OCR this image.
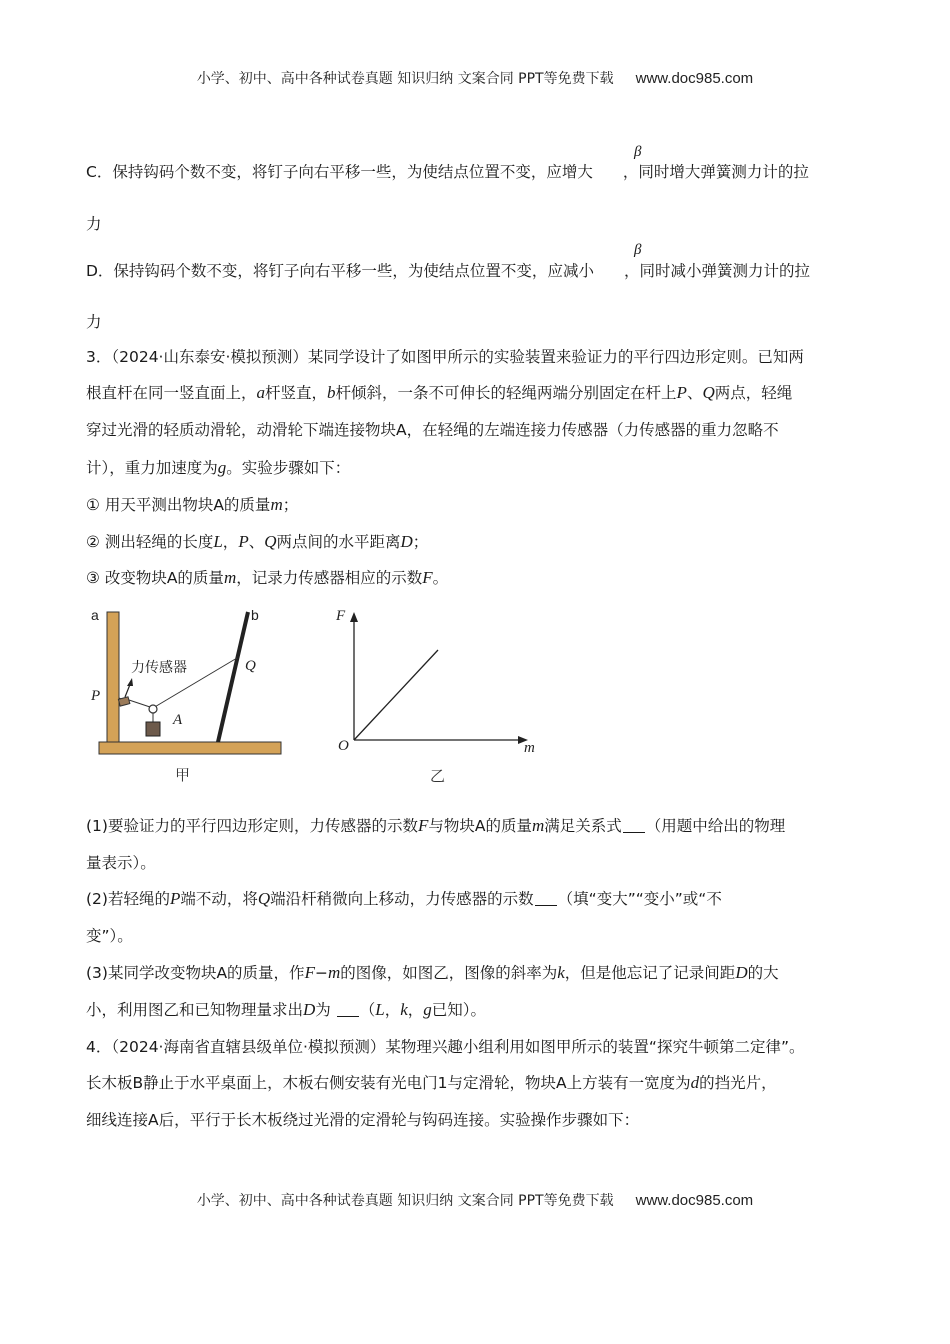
小学、初中、高中各种试卷真题 知识归纳 文案合同 PPT等免费下载 www.doc985.com
C．保持钩码个数不变，将钉子向右平移一些，为使结点位置不变，应增大 ，同时增大弹簧测力计的拉
β
力
D．保持钩码个数不变，将钉子向右平移一些，为使结点位置不变，应减小 ，同时减小弹簧测力计的拉
β
力
3．（2024·山东泰安·模拟预测）某同学设计了如图甲所示的实验装置来验证力的平行四边形定则。已知两
根直杆在同一竖直面上，a杆竖直，b杆倾斜，一条不可伸长的轻绳两端分别固定在杆上P、Q两点，轻绳
穿过光滑的轻质动滑轮，动滑轮下端连接物块A，在轻绳的左端连接力传感器（力传感器的重力忽略不
计），重力加速度为g。实验步骤如下：
① 用天平测出物块A的质量m；
② 测出轻绳的长度L，P、Q两点间的水平距离D；
③ 改变物块A的质量m，记录力传感器相应的示数F。
a	b
P
Q
A
力传感器
甲
F
O	m
乙
(1)要验证力的平行四边形定则，力传感器的示数F与物块A的质量m满足关系式 （用题中给出的物理
量表示）。
(2)若轻绳的P端不动，将Q端沿杆稍微向上移动，力传感器的示数 （填“变大”“变小”或“不
变”）。
(3)某同学改变物块A的质量，作F−m的图像，如图乙，图像的斜率为k，但是他忘记了记录间距D的大
小，利用图乙和已知物理量求出D为 （L，k，g已知）。
4．（2024·海南省直辖县级单位·模拟预测）某物理兴趣小组利用如图甲所示的装置“探究牛顿第二定律”。
长木板B静止于水平桌面上，木板右侧安装有光电门1与定滑轮，物块A上方装有一宽度为d的挡光片，
细线连接A后，平行于长木板绕过光滑的定滑轮与钩码连接。实验操作步骤如下：
小学、初中、高中各种试卷真题 知识归纳 文案合同 PPT等免费下载 www.doc985.com
